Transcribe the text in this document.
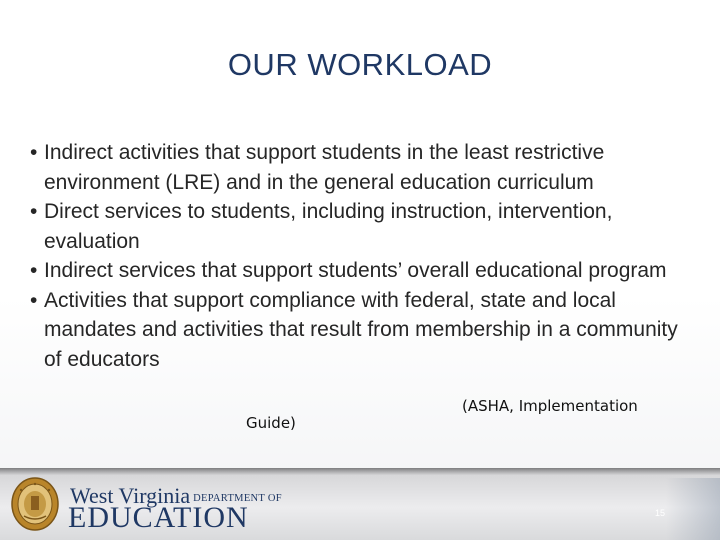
OUR WORKLOAD
• Indirect activities that support students in the least restrictive environment (LRE) and in the general education curriculum
• Direct services to students, including instruction, intervention, evaluation
• Indirect services that support students’ overall educational program
• Activities that support compliance with federal, state and local mandates and activities that result from membership in a community of educators
(ASHA, Implementation
Guide)
West Virginia DEPARTMENT OF
EDUCATION	15
